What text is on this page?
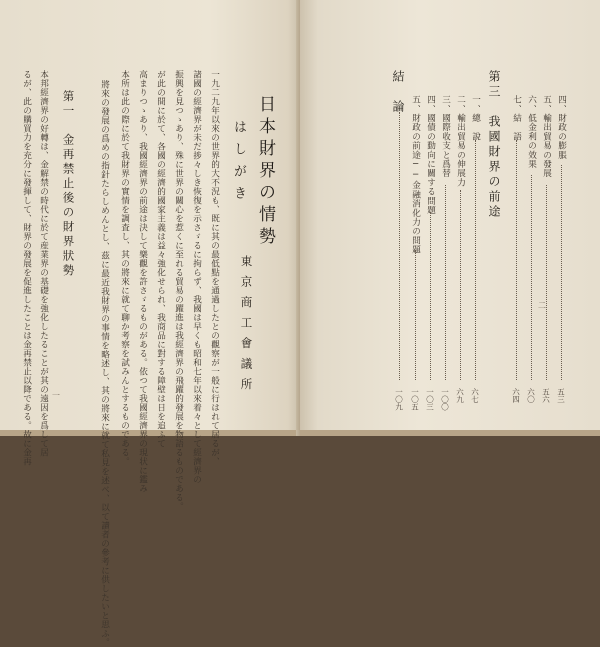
るが、此の購買力を充分に發揮して、財界の發展を促進したことは金再禁止以降である。故に金再 本邦經濟界の好轉は、金解禁の時代に於て産業界の基礎を強化したることが其の遠因を爲して居 第一　金再禁止後の財界狀勢	將來の發展の爲めの指針たらしめんとし、茲に最近我財界の事情を略述し、其の將來に就て私見を述べ、以て讀者の參考に供したいと思ふ。 本所は此の際に於て我財界の實情を調査し、其の將來に就て聊か考察を試みんとするものである。 高まりつゝあり、我國經濟界の前途は決して樂觀を許さゞるものがある。依つて我國經濟界の現状に鑑み が此の間に於て、各國の經濟的國家主義は益々強化せられ、我商品に對する障壁は日を追ふて 振興を見つゝあり、殊に世界の關心を惹くに至れる貿易の躍進は我經濟界の飛躍的發展を物語るものである。 諸國の經濟界が未だ捗々しき恢復を示さゞるに拘らず、我國は早くも昭和七年以來着々として經濟界の 一九二九年以來の世界的大不況も、既に其の最低點を通過したとの觀察が一般に行はれて居るが、 はしがき
東京商工會議所
日本財界の情勢
一
結　論
一〇九
五、財政の前途──金融消化力の問題
一〇五
四、國債の動向に關する問題
一〇三
三、國際收支と爲替
一〇〇
二、輸出貿易の伸展力
六九
一、總　說
六七
第三　我國財界の前途 七、結　語
六四
六、低金利の效果
六〇
五、輸出貿易の發展
五六
四、財政の膨脹
五三
二
